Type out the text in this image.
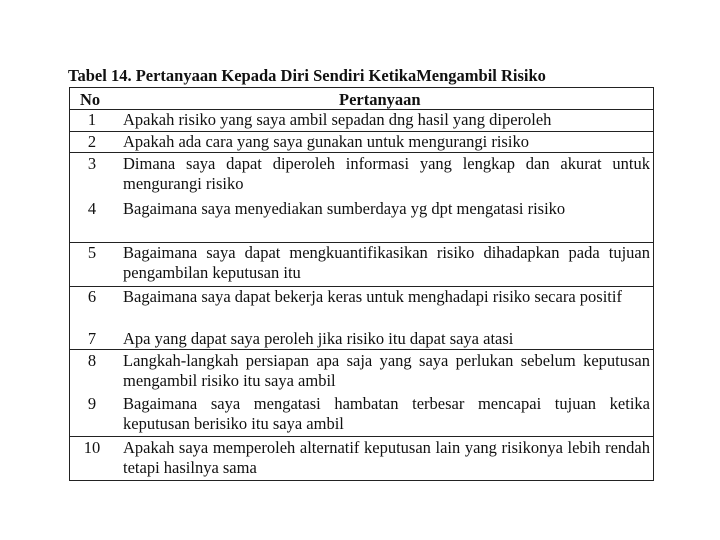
Tabel 14. Pertanyaan Kepada Diri Sendiri KetikaMengambil Risiko
No	Pertanyaan
1	Apakah risiko yang saya ambil sepadan dng hasil yang diperoleh
2	Apakah ada cara yang saya gunakan untuk mengurangi risiko
3	Dimana saya dapat diperoleh informasi yang lengkap dan akurat untuk mengurangi risiko
4	Bagaimana saya menyediakan sumberdaya yg dpt mengatasi risiko
5	Bagaimana saya dapat mengkuantifikasikan risiko dihadapkan pada tujuan pengambilan keputusan itu
6	Bagaimana saya dapat bekerja keras untuk menghadapi risiko secara positif
7	Apa yang dapat saya peroleh jika risiko itu dapat saya atasi
8	Langkah-langkah persiapan apa saja yang saya perlukan sebelum keputusan mengambil risiko itu saya ambil
9	Bagaimana saya mengatasi hambatan terbesar mencapai tujuan ketika keputusan berisiko itu saya ambil
10	Apakah saya memperoleh alternatif keputusan lain yang risikonya lebih rendah tetapi hasilnya sama
